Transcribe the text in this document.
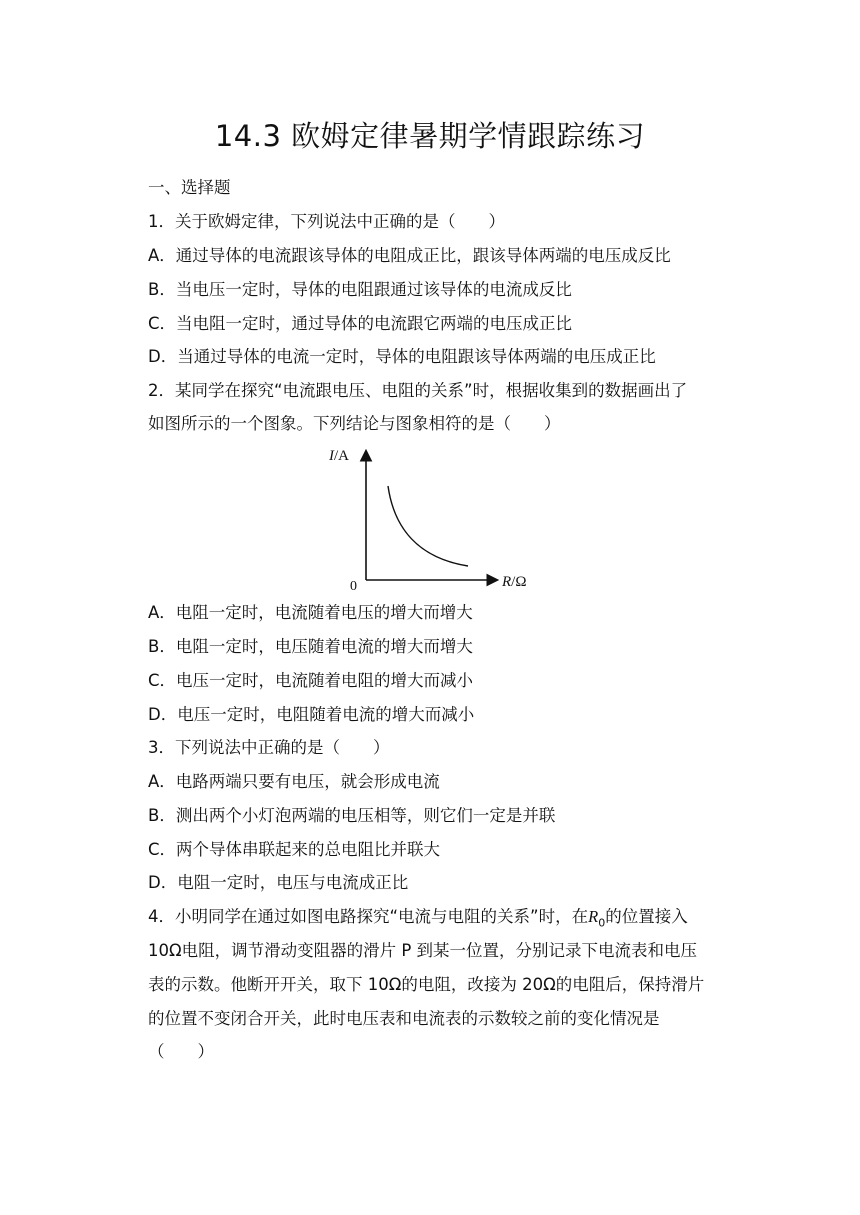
14.3 欧姆定律暑期学情跟踪练习
一、选择题
1．关于欧姆定律，下列说法中正确的是（　　）
A．通过导体的电流跟该导体的电阻成正比，跟该导体两端的电压成反比
B．当电压一定时，导体的电阻跟通过该导体的电流成反比
C．当电阻一定时，通过导体的电流跟它两端的电压成正比
D．当通过导体的电流一定时，导体的电阻跟该导体两端的电压成正比
2．某同学在探究“电流跟电压、电阻的关系”时，根据收集到的数据画出了
如图所示的一个图象。下列结论与图象相符的是（　　）
I/A
R/Ω
0
A．电阻一定时，电流随着电压的增大而增大
B．电阻一定时，电压随着电流的增大而增大
C．电压一定时，电流随着电阻的增大而减小
D．电压一定时，电阻随着电流的增大而减小
3．下列说法中正确的是（　　）
A．电路两端只要有电压，就会形成电流
B．测出两个小灯泡两端的电压相等，则它们一定是并联
C．两个导体串联起来的总电阻比并联大
D．电阻一定时，电压与电流成正比
4．小明同学在通过如图电路探究“电流与电阻的关系”时，在$R_0$的位置接入
10Ω电阻，调节滑动变阻器的滑片 P 到某一位置，分别记录下电流表和电压
表的示数。他断开开关，取下 10Ω的电阻，改接为 20Ω的电阻后，保持滑片
的位置不变闭合开关，此时电压表和电流表的示数较之前的变化情况是
（　　）
